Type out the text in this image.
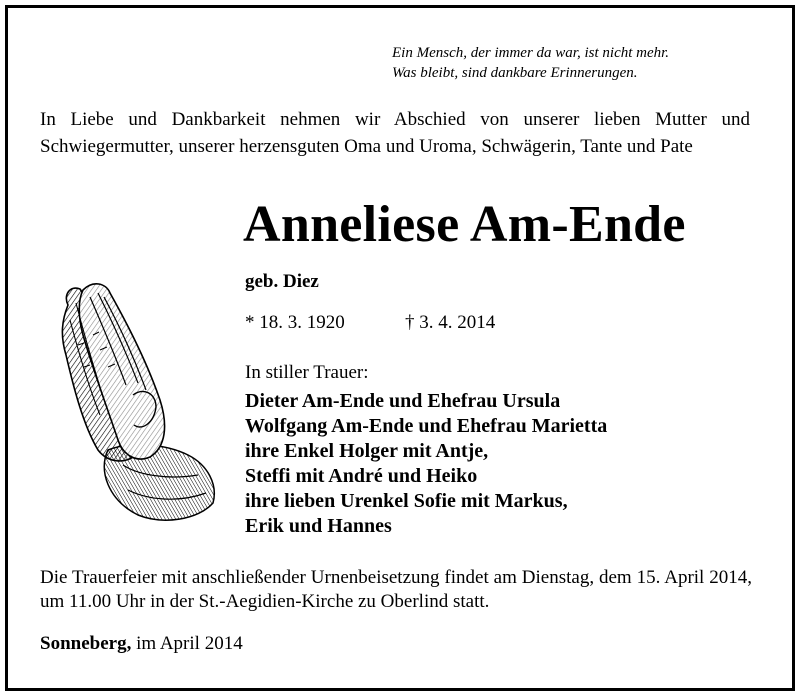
Ein Mensch, der immer da war, ist nicht mehr.
Was bleibt, sind dankbare Erinnerungen.
In Liebe und Dankbarkeit nehmen wir Abschied von unserer lieben Mutter und Schwiegermutter, unserer herzensguten Oma und Uroma, Schwägerin, Tante und Pate
Anneliese Am-Ende
geb. Diez
* 18. 3. 1920	† 3. 4. 2014
In stiller Trauer:
Dieter Am-Ende und Ehefrau Ursula
Wolfgang Am-Ende und Ehefrau Marietta
ihre Enkel Holger mit Antje,
Steffi mit André und Heiko
ihre lieben Urenkel Sofie mit Markus,
Erik und Hannes
Die Trauerfeier mit anschließender Urnenbeisetzung findet am Dienstag, dem 15. April 2014, um 11.00 Uhr in der St.-Aegidien-Kirche zu Oberlind statt.
Sonneberg, im April 2014
